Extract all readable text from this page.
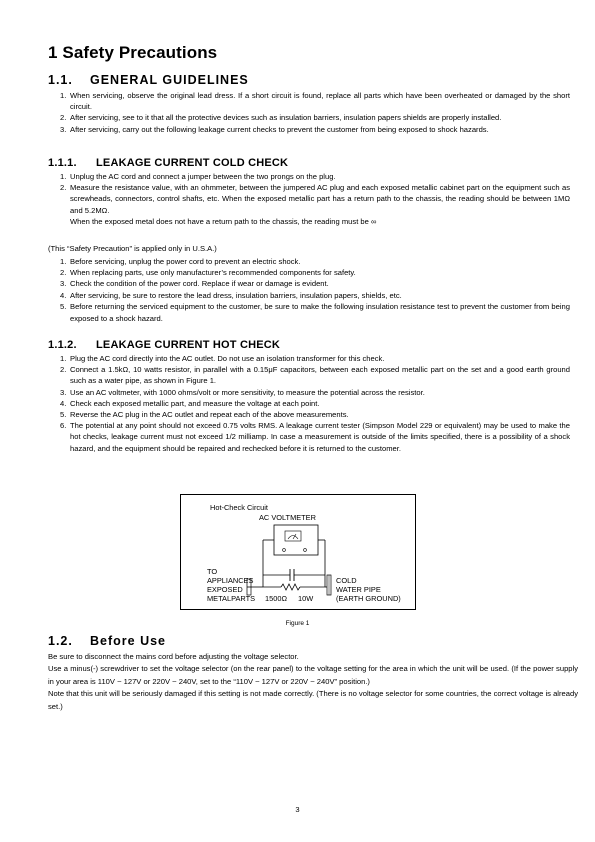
1 Safety Precautions
1.1. GENERAL GUIDELINES
1. When servicing, observe the original lead dress. If a short circuit is found, replace all parts which have been overheated or damaged by the short circuit.
2. After servicing, see to it that all the protective devices such as insulation barriers, insulation papers shields are properly installed.
3. After servicing, carry out the following leakage current checks to prevent the customer from being exposed to shock hazards.
1.1.1. LEAKAGE CURRENT COLD CHECK
1. Unplug the AC cord and connect a jumper between the two prongs on the plug.
2. Measure the resistance value, with an ohmmeter, between the jumpered AC plug and each exposed metallic cabinet part on the equipment such as screwheads, connectors, control shafts, etc. When the exposed metallic part has a return path to the chassis, the reading should be between 1MΩ and 5.2MΩ.
When the exposed metal does not have a return path to the chassis, the reading must be ∞
(This “Safety Precaution” is applied only in U.S.A.)
1. Before servicing, unplug the power cord to prevent an electric shock.
2. When replacing parts, use only manufacturer’s recommended components for safety.
3. Check the condition of the power cord. Replace if wear or damage is evident.
4. After servicing, be sure to restore the lead dress, insulation barriers, insulation papers, shields, etc.
5. Before returning the serviced equipment to the customer, be sure to make the following insulation resistance test to prevent the customer from being exposed to a shock hazard.
1.1.2. LEAKAGE CURRENT HOT CHECK
1. Plug the AC cord directly into the AC outlet. Do not use an isolation transformer for this check.
2. Connect a 1.5kΩ, 10 watts resistor, in parallel with a 0.15μF capacitors, between each exposed metallic part on the set and a good earth ground such as a water pipe, as shown in Figure 1.
3. Use an AC voltmeter, with 1000 ohms/volt or more sensitivity, to measure the potential across the resistor.
4. Check each exposed metallic part, and measure the voltage at each point.
5. Reverse the AC plug in the AC outlet and repeat each of the above measurements.
6. The potential at any point should not exceed 0.75 volts RMS. A leakage current tester (Simpson Model 229 or equivalent) may be used to make the hot checks, leakage current must not exceed 1/2 milliamp. In case a measurement is outside of the limits specified, there is a possibility of a shock hazard, and the equipment should be repaired and rechecked before it is returned to the customer.
Hot-Check Circuit
AC VOLTMETER
TO
APPLIANCES
EXPOSED
METALPARTS
COLD
WATER PIPE
(EARTH GROUND)
1500Ω 10W
Figure 1
1.2. Before Use
Be sure to disconnect the mains cord before adjusting the voltage selector.
Use a minus(-) screwdriver to set the voltage selector (on the rear panel) to the voltage setting for the area in which the unit will be used. (If the power supply in your area is 110V ~ 127V or 220V ~ 240V, set to the “110V ~ 127V or 220V ~ 240V” position.)
Note that this unit will be seriously damaged if this setting is not made correctly. (There is no voltage selector for some countries, the correct voltage is already set.)
3
